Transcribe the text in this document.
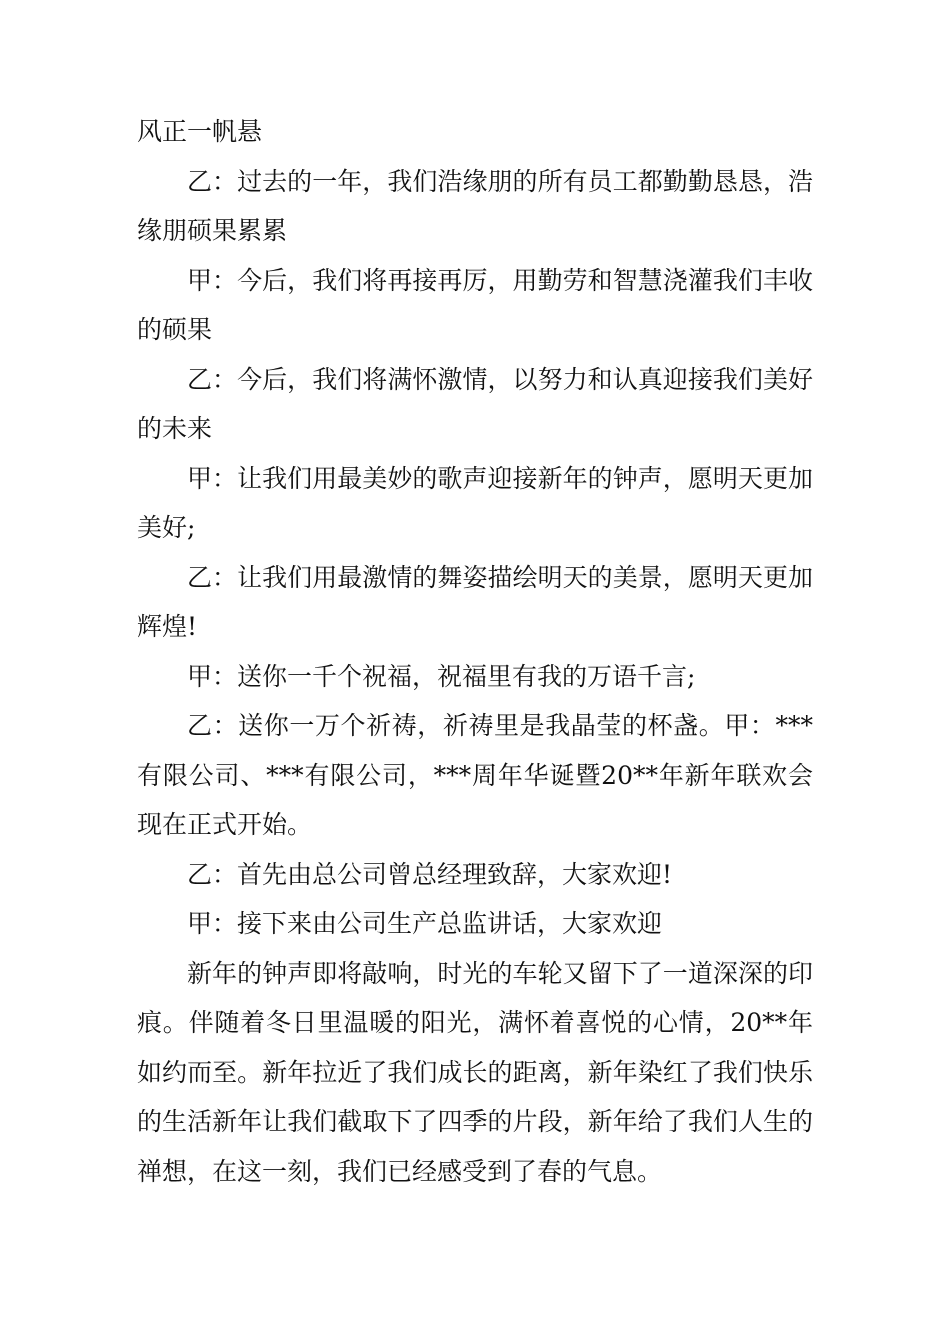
风正一帆悬

乙：过去的一年，我们浩缘朋的所有员工都勤勤恳恳，浩缘朋硕果累累

甲：今后，我们将再接再厉，用勤劳和智慧浇灌我们丰收的硕果

乙：今后，我们将满怀激情，以努力和认真迎接我们美好的未来

甲：让我们用最美妙的歌声迎接新年的钟声，愿明天更加美好;

乙：让我们用最激情的舞姿描绘明天的美景，愿明天更加辉煌!

甲：送你一千个祝福，祝福里有我的万语千言;

乙：送你一万个祈祷，祈祷里是我晶莹的杯盏。甲：***有限公司、***有限公司，***周年华诞暨20**年新年联欢会现在正式开始。

乙：首先由总公司曾总经理致辞，大家欢迎!

甲：接下来由公司生产总监讲话，大家欢迎

新年的钟声即将敲响，时光的车轮又留下了一道深深的印痕。伴随着冬日里温暖的阳光，满怀着喜悦的心情，20**年如约而至。新年拉近了我们成长的距离，新年染红了我们快乐的生活新年让我们截取下了四季的片段，新年给了我们人生的禅想，在这一刻，我们已经感受到了春的气息。
